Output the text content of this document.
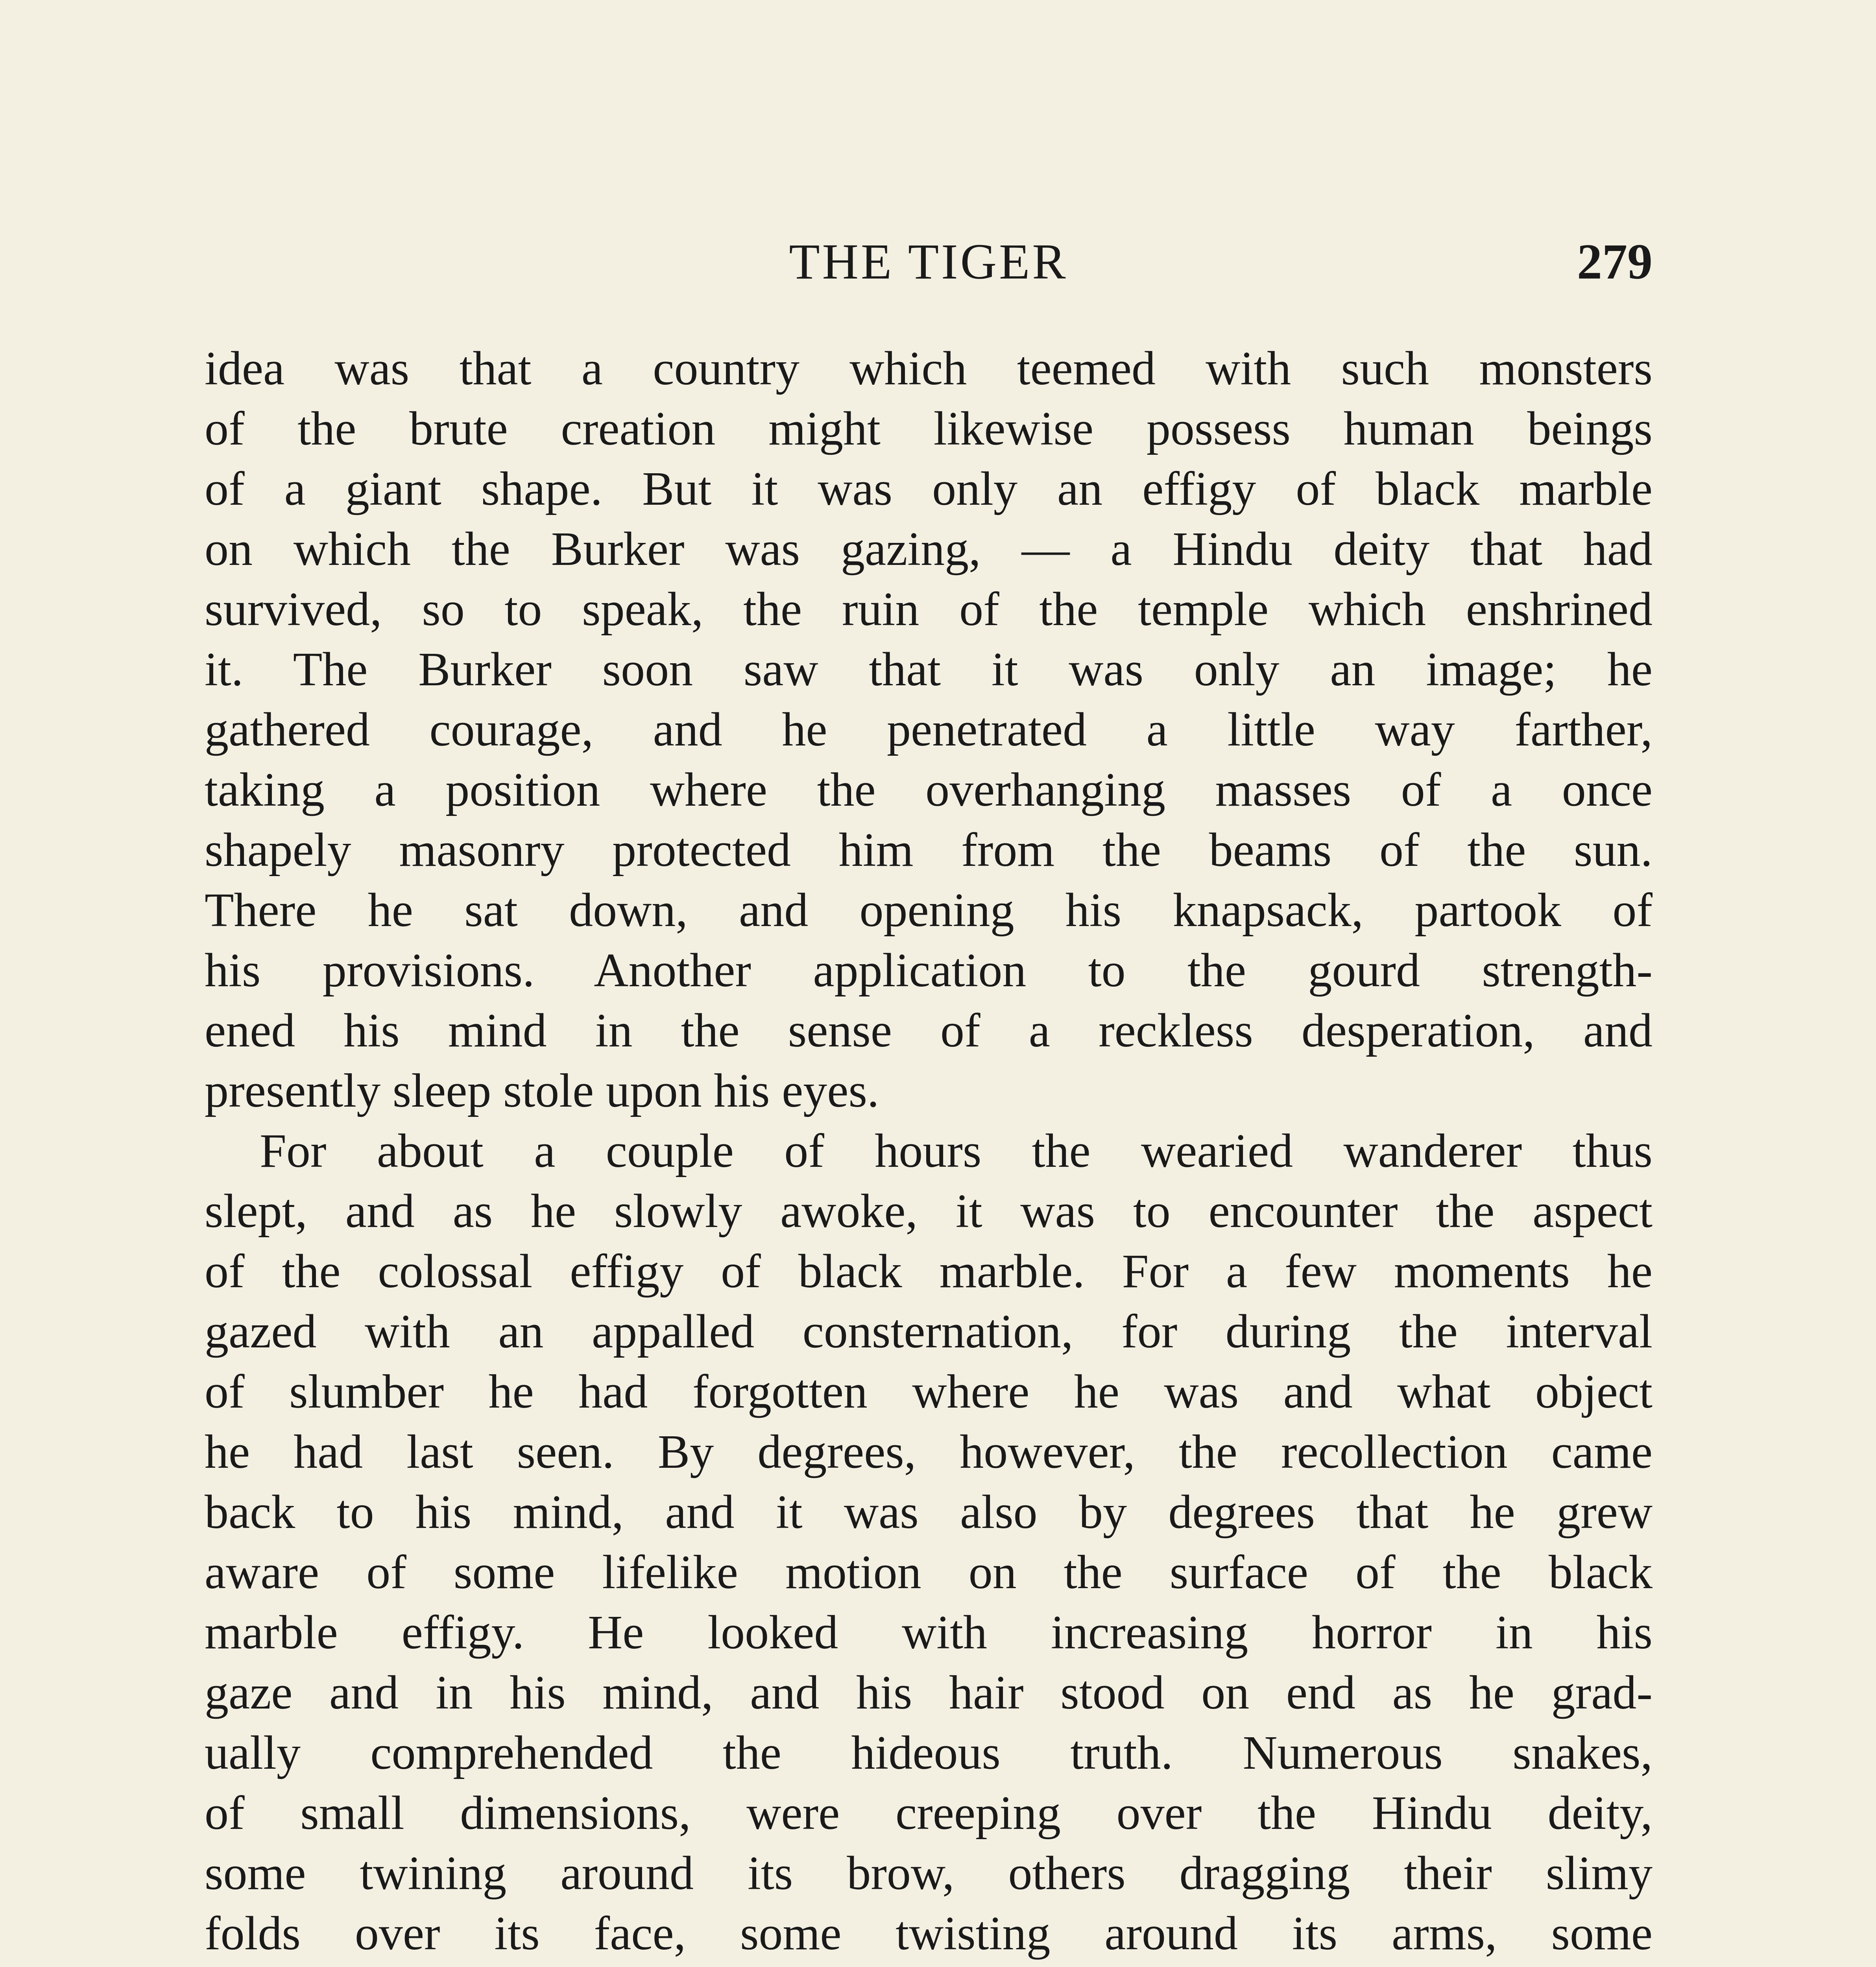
THE TIGER	279
idea was that a country which teemed with such monsters
of the brute creation might likewise possess human beings
of a giant shape. But it was only an effigy of black marble
on which the Burker was gazing, — a Hindu deity that had
survived, so to speak, the ruin of the temple which enshrined
it. The Burker soon saw that it was only an image; he
gathered courage, and he penetrated a little way farther,
taking a position where the overhanging masses of a once
shapely masonry protected him from the beams of the sun.
There he sat down, and opening his knapsack, partook of
his provisions. Another application to the gourd strength-
ened his mind in the sense of a reckless desperation, and
presently sleep stole upon his eyes.
For about a couple of hours the wearied wanderer thus
slept, and as he slowly awoke, it was to encounter the aspect
of the colossal effigy of black marble. For a few moments he
gazed with an appalled consternation, for during the interval
of slumber he had forgotten where he was and what object
he had last seen. By degrees, however, the recollection came
back to his mind, and it was also by degrees that he grew
aware of some lifelike motion on the surface of the black
marble effigy. He looked with increasing horror in his
gaze and in his mind, and his hair stood on end as he grad-
ually comprehended the hideous truth. Numerous snakes,
of small dimensions, were creeping over the Hindu deity,
some twining around its brow, others dragging their slimy
folds over its face, some twisting around its arms, some
